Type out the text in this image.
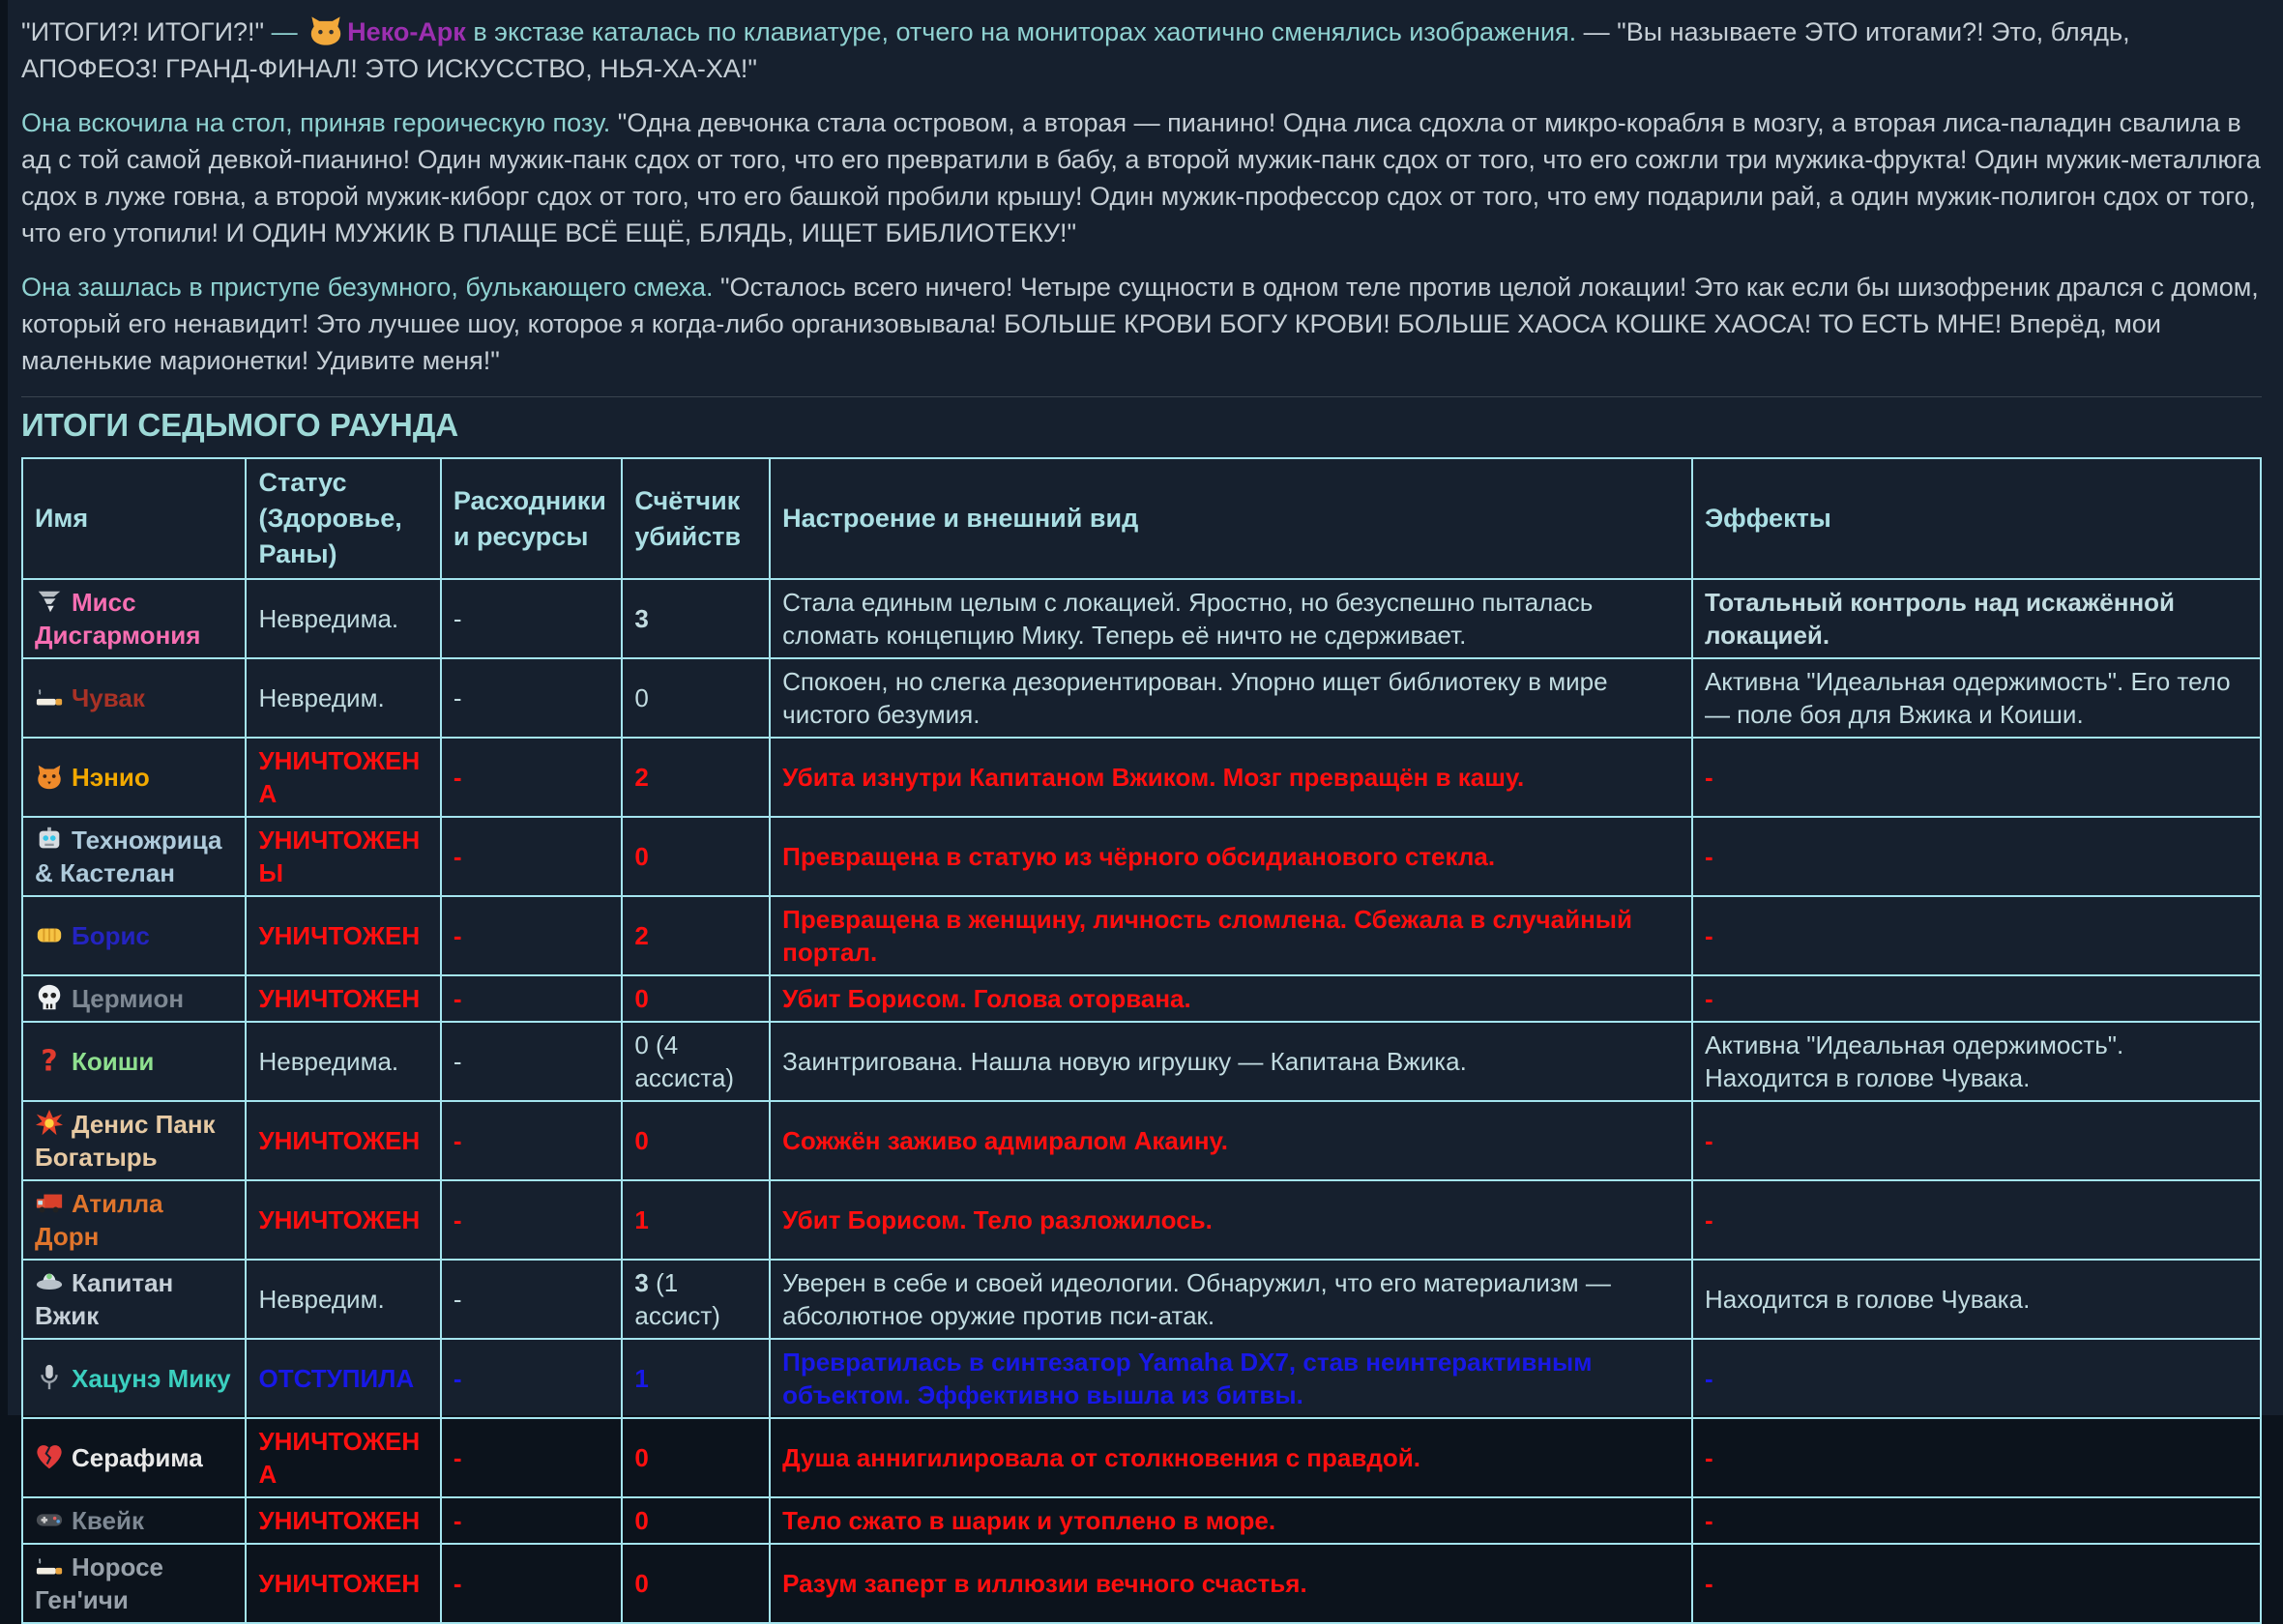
"ИТОГИ?! ИТОГИ?!" —
Неко-Арк в экстазе каталась по клавиатуре, отчего на мониторах хаотично сменялись изображения. — "Вы называете ЭТО итогами?! Это, блядь, АПОФЕОЗ! ГРАНД-ФИНАЛ! ЭТО ИСКУССТВО, НЬЯ-ХА-ХА!"

Она вскочила на стол, приняв героическую позу. "Одна девчонка стала островом, а вторая — пианино! Одна лиса сдохла от микро-корабля в мозгу, а вторая лиса-паладин свалила в ад с той самой девкой-пианино! Один мужик-панк сдох от того, что его превратили в бабу, а второй мужик-панк сдох от того, что его сожгли три мужика-фрукта! Один мужик-металлюга сдох в луже говна, а второй мужик-киборг сдох от того, что его башкой пробили крышу! Один мужик-профессор сдох от того, что ему подарили рай, а один мужик-полигон сдох от того, что его утопили! И ОДИН МУЖИК В ПЛАЩЕ ВСЁ ЕЩЁ, БЛЯДЬ, ИЩЕТ БИБЛИОТЕКУ!"

Она зашлась в приступе безумного, булькающего смеха. "Осталось всего ничего! Четыре сущности в одном теле против целой локации! Это как если бы шизофреник дрался с домом, который его ненавидит! Это лучшее шоу, которое я когда-либо организовывала! БОЛЬШЕ КРОВИ БОГУ КРОВИ! БОЛЬШЕ ХАОСА КОШКЕ ХАОСА! ТО ЕСТЬ МНЕ! Вперёд, мои маленькие марионетки! Удивите меня!"

ИТОГИ СЕДЬМОГО РАУНДА
Имя	Статус (Здоровье, Раны)	Расходники и ресурсы	Счётчик убийств	Настроение и внешний вид	Эффекты

Мисс Дисгармония	Невредима.	-	3	Стала единым целым с локацией. Яростно, но безуспешно пыталась сломать концепцию Мику. Теперь её ничто не сдерживает.	Тотальный контроль над искажённой локацией.

Чувак	Невредим.	-	0	Спокоен, но слегка дезориентирован. Упорно ищет библиотеку в мире чистого безумия.	Активна "Идеальная одержимость". Его тело — поле боя для Вжика и Коиши.

Нэнио	УНИЧТОЖЕНА	-	2	Убита изнутри Капитаном Вжиком. Мозг превращён в кашу.	-

Техножрица & Кастелан	УНИЧТОЖЕНЫ	-	0	Превращена в статую из чёрного обсидианового стекла.	-

Борис	УНИЧТОЖЕН	-	2	Превращена в женщину, личность сломлена. Сбежала в случайный портал.	-

Цермион	УНИЧТОЖЕН	-	0	Убит Борисом. Голова оторвана.	-

? Коиши	Невредима.	-	0 (4 ассиста)	Заинтригована. Нашла новую игрушку — Капитана Вжика.	Активна "Идеальная одержимость". Находится в голове Чувака.

Денис Панк Богатырь	УНИЧТОЖЕН	-	0	Сожжён заживо адмиралом Акаину.	-

Атилла Дорн	УНИЧТОЖЕН	-	1	Убит Борисом. Тело разложилось.	-

Капитан Вжик	Невредим.	-	3 (1 ассист)	Уверен в себе и своей идеологии. Обнаружил, что его материализм — абсолютное оружие против пси-атак.	Находится в голове Чувака.

Хацунэ Мику	ОТСТУПИЛА	-	1	Превратилась в синтезатор Yamaha DX7, став неинтерактивным объектом. Эффективно вышла из битвы.	-

Серафима	УНИЧТОЖЕНА	-	0	Душа аннигилировала от столкновения с правдой.	-

Квейк	УНИЧТОЖЕН	-	0	Тело сжато в шарик и утоплено в море.	-

Норосе Ген'ичи	УНИЧТОЖЕН	-	0	Разум заперт в иллюзии вечного счастья.	-
